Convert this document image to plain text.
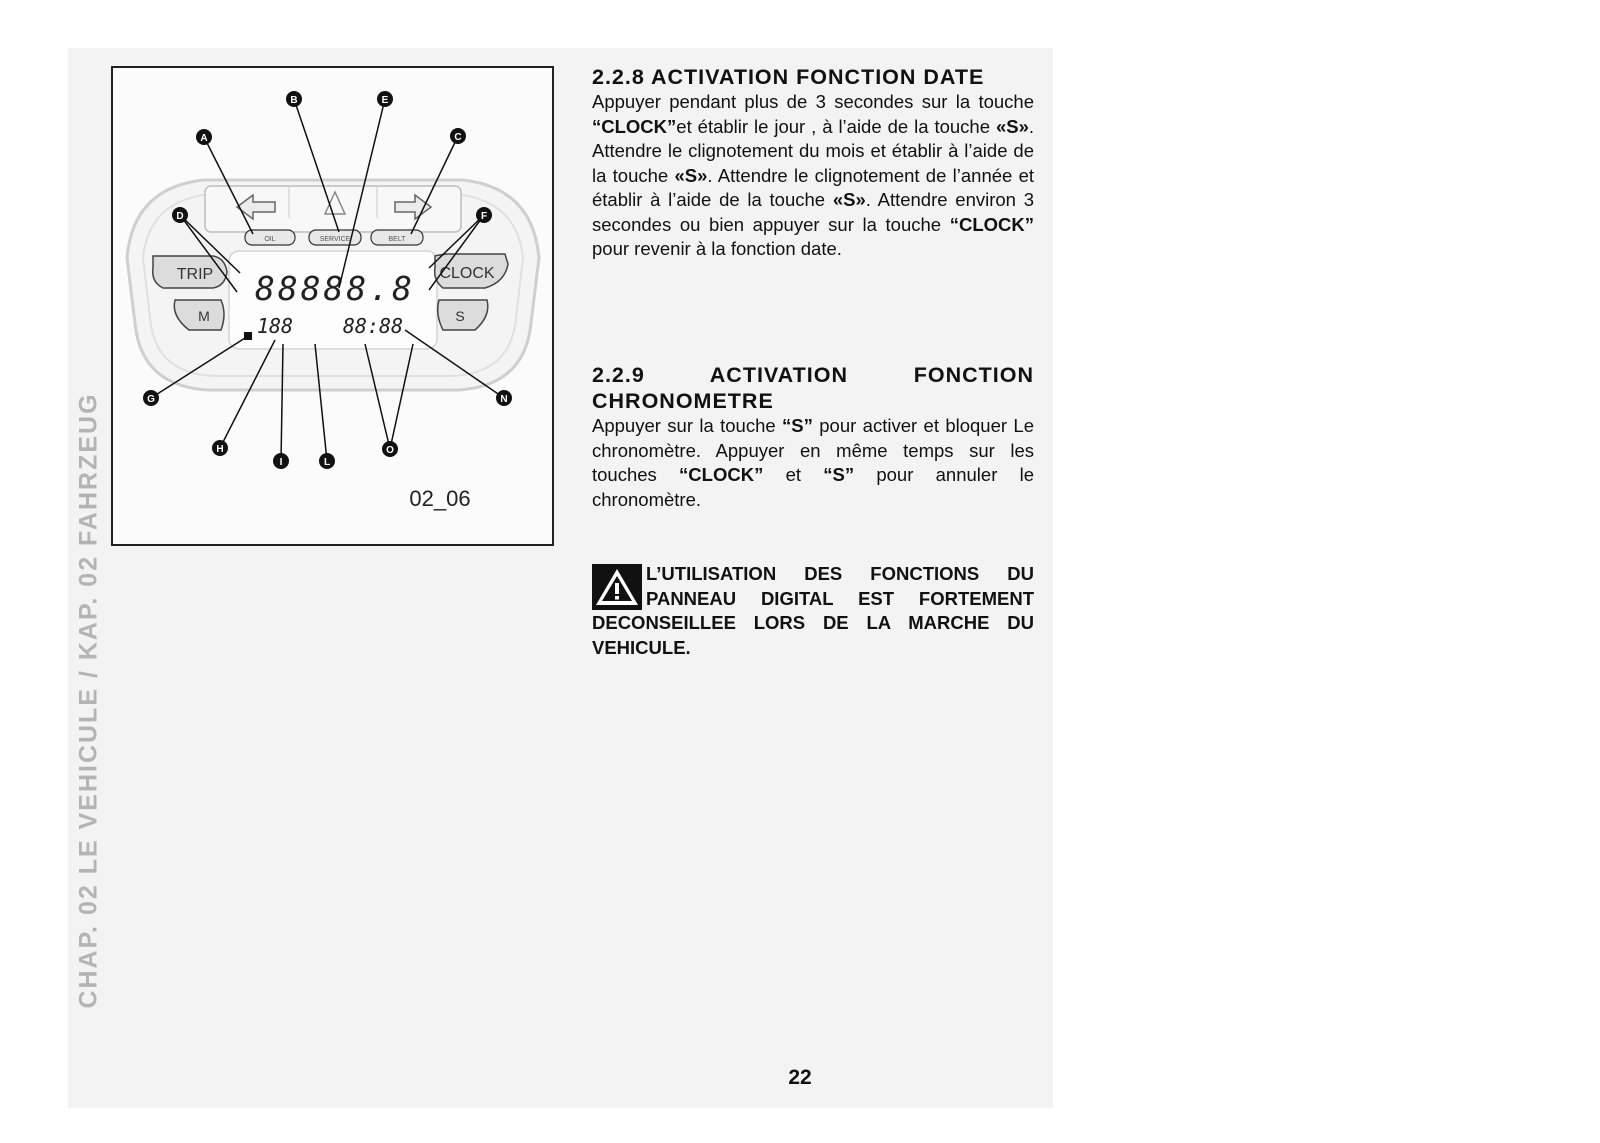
CHAP. 02 LE VEHICULE / KAP. 02 FAHRZEUG
OIL	SERVICE	BELT
TRIP	CLOCK
M	S
88888.8
188 88:88
A
B
C
D
E
F
G
H
I	L
N
O
02_06
2.2.8 ACTIVATION FONCTION DATE

Appuyer pendant plus de 3 secondes sur la touche “CLOCK”et établir le jour , à l’aide de la touche «S». Attendre le clignotement du mois et établir à l’aide de la touche «S». Attendre le clignotement de l’année et établir à l’aide de la touche «S». Attendre environ 3 secondes ou bien appuyer sur la touche “CLOCK” pour revenir à la fonction date.

2.2.9 ACTIVATION FONCTION CHRONOMETRE

Appuyer sur la touche “S” pour activer et bloquer Le chronomètre. Appuyer en même temps sur les touches “CLOCK” et “S” pour annuler le chronomètre.

L’UTILISATION DES FONCTIONS DU PANNEAU DIGITAL EST FORTEMENT DECONSEILLEE LORS DE LA MARCHE DU VEHICULE.
22
